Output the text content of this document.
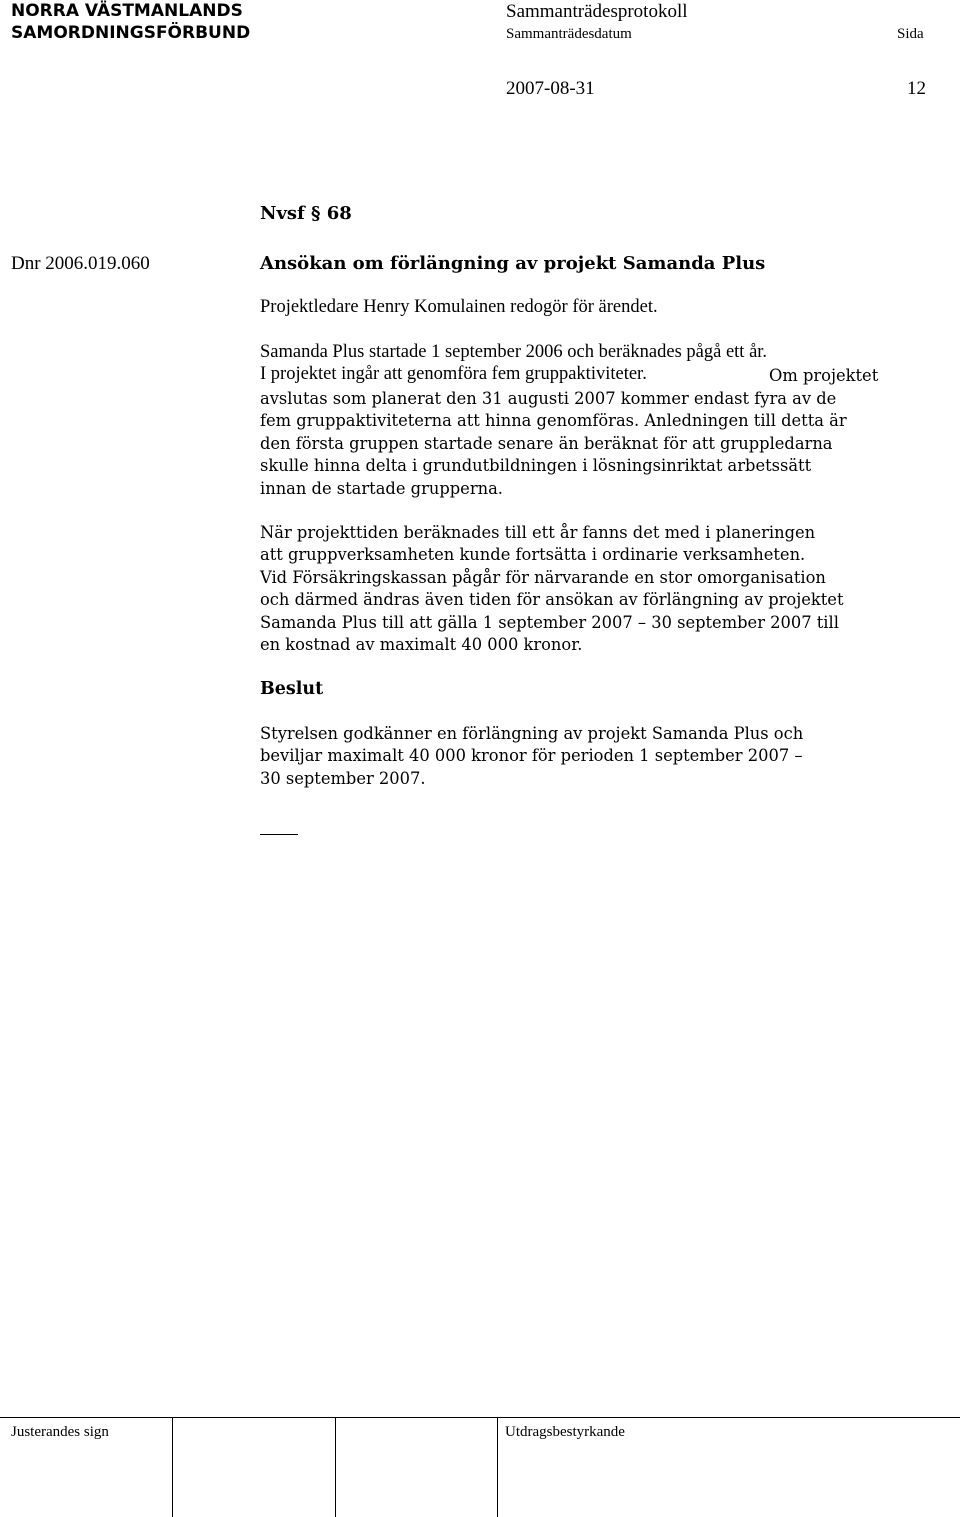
NORRA VÄSTMANLANDS
SAMORDNINGSFÖRBUND
Sammanträdesprotokoll
Sammanträdesdatum	Sida
2007-08-31	12
Nvsf § 68
Dnr 2006.019.060	Ansökan om förlängning av projekt Samanda Plus
Projektledare Henry Komulainen redogör för ärendet.
Samanda Plus startade 1 september 2006 och beräknades pågå ett år.
I projektet ingår att genomföra fem gruppaktiviteter.	Om projektet
avslutas som planerat den 31 augusti 2007 kommer endast fyra av de
fem gruppaktiviteterna att hinna genomföras. Anledningen till detta är
den första gruppen startade senare än beräknat för att gruppledarna
skulle hinna delta i grundutbildningen i lösningsinriktat arbetssätt
innan de startade grupperna.
När projekttiden beräknades till ett år fanns det med i planeringen
att gruppverksamheten kunde fortsätta i ordinarie verksamheten.
Vid Försäkringskassan pågår för närvarande en stor omorganisation
och därmed ändras även tiden för ansökan av förlängning av projektet
Samanda Plus till att gälla 1 september 2007 – 30 september 2007 till
en kostnad av maximalt 40 000 kronor.
Beslut
Styrelsen godkänner en förlängning av projekt Samanda Plus och
beviljar maximalt 40 000 kronor för perioden 1 september 2007 –
30 september 2007.
Justerandes sign	Utdragsbestyrkande
